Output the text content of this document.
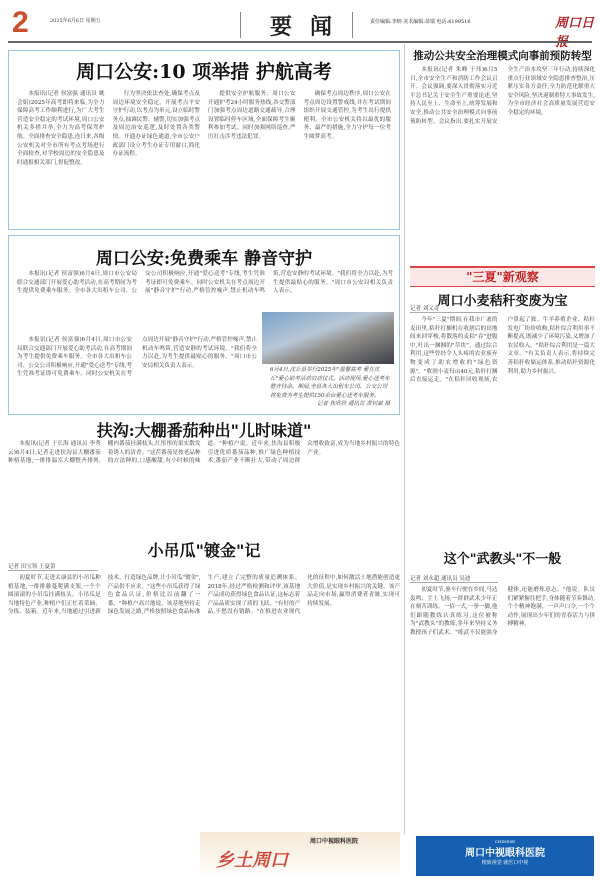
2	2025年6月6日 星期五	要闻	责任编辑:李纳 美术编辑:苗瑞 电话:6199516	周口日
周口公安:10 项举措 护航高考
本报讯(记者 侯富强 通讯员 姚会娟)2025年高考即将来临,为全力保障高考工作顺利进行,为广大考生营造安全稳定的考试环境,周口公安机关多措并举,全力为高考保驾护航。全面排查安全隐患,连日来,各级公安机关对全市所有考点考场进行全面检查,对学校周边的安全隐患及时通报相关部门,督促整改。
行为坚决依法查处,确保考点及周边环境安全稳定。开展考点平安守护行动,以考点为单元,设立临时警务点,抽调民警、辅警,切实加强考点及周边治安巡逻,及时处置各类警情。开通办证绿色通道,全市公安户政部门设立考生办证专用窗口,简化办证流程。
提供安全护航服务。周口公安开通护考24小时服务热线,各交警部门加强考点周边道路交通疏导,合理设置临时停车区域,全面保障考生顺利参加考试。同时加强网络巡查,严厉打击涉考违法犯罪。
确保考点周边秩序,周口公安在考点周边设置警戒线,并在考试期间组织开展交通管控,为考生出行提供便利。全市公安机关将以最优的服务、最严的措施,全力守护每一位考生圆梦高考。
周口公安:免费乘车 静音守护
本报讯(记者 侯富强)6月4日,周口市公安局联合交通部门开展爱心助考活动,在高考期间为考生提供免费乘车服务。全市各大出租车公司、公交公司积极响应,开通"爱心送考"专线,考生凭准考证即可免费乘车。同时公安机关在考点周边开展"静音守护"行动,严格管控噪声,禁止机动车鸣笛,营造安静的考试环境。"我们将全力以赴,为考生提供最贴心的服务。"周口市公安局相关负责人表示。
本报讯(记者 侯富强)6月4日,周口市公安局联合交通部门开展爱心助考活动,在高考期间为考生提供免费乘车服务。全市各大出租车公司、公交公司积极响应,开通"爱心送考"专线,考生凭准考证即可免费乘车。同时公安机关在考点周边开展"静音守护"行动,严格管控噪声,禁止机动车鸣笛,营造安静的考试环境。"我们将全力以赴,为考生提供最贴心的服务。"周口市公安局相关负责人表示。
6月4日,沈丘县举行2025年"温馨高考 爱在沈丘"爱心助考活动启动仪式。活动现场,爱心送考车整齐待命。期间,全县各大出租车公司、公交公司将免费为考生提供150余台爱心送考车服务。
记者 焦欣欣 通讯员 黄钊斌 摄
扶沟:大棚番茄种出"儿时味道"
本报讯(记者 于长海 通讯员 李秀云)6月4日,记者走进扶沟县大棚番茄种植基地,一排排温室大棚整齐排列,棚内番茄挂满枝头,红彤彤的果实散发着诱人的清香。"这茬番茄是按老品种的方法种的,口感酸甜,有小时候的味道。"种植户说。近年来,扶沟县积极引进优质番茄品种,推广绿色种植技术,番茄产业不断壮大,带动了周边群众增收致富,成为当地乡村振兴的特色产业。
小吊瓜"镀金"记
记者 田宝领 王夏蕾
初夏时节,走进太康县的小吊瓜种植基地,一排排藤蔓爬满支架,一个个圆滚滚的小吊瓜挂满枝头。小吊瓜是当地特色产业,种植户们正忙着采摘、分拣、装箱。近年来,当地通过引进新技术、打造绿色品牌,让小吊瓜"镀金",产品供不应求。"这些小吊瓜获得了绿色食品认证,价格比以前翻了一番。"种植户高兴地说。该基地坚持走绿色发展之路,严格按照绿色食品标准生产,建立了完整的质量追溯体系。2018年,经过严格检测和评审,该基地产品成功获得绿色食品认证,这标志着产品品质实现了质的飞跃。"有好的产品,不愁没有销路。"在推进农业现代化的征程中,如何激活土地潜能创造更大价值,是实现乡村振兴的关键。该产品走向市场,赢得消费者青睐,实现可持续发展。
乡土周口
周口中视眼科医院
推动公共安全治理模式向事前预防转型
本报讯(记者 朱峰 于伟)6月5日,全市安全生产和消防工作会议召开。会议强调,要深入贯彻落实习近平总书记关于安全生产重要论述,坚持人民至上、生命至上,统筹发展和安全,推动公共安全治理模式向事前预防转型。会议指出,要扎实开展安全生产治本攻坚三年行动,持续深化重点行业领域安全隐患排查整治,压紧压实各方责任,全力防范化解重大安全风险,坚决遏制重特大事故发生,为全市经济社会高质量发展营造安全稳定的环境。
"三夏"新观察
周口小麦秸秆变废为宝
记者 刘义奇
今年"三夏"期间,在我市广袤的麦田里,秸秆打捆机在收割后的田地间来回穿梭,将散落的麦秸"吞"进腹中,吐出一捆捆的"草块"。通过综合利用,这些曾经令人头疼的农业废弃物变成了助农增收的"绿色资源"。"收割小麦每亩40元,秸秆打捆后直接运走。"在秸秆回收现场,农户算起了账。牛羊养殖企业、秸秆发电厂纷纷收购,秸秆综合利用率不断提高,既减少了环境污染,又增加了农民收入。"秸秆综合利用是一篇大文章。"有关负责人表示,将持续完善秸秆收储运体系,推动秸秆资源化利用,助力乡村振兴。
这个"武教头"不一般
记者 刘永超 通讯员 吴迪
初夏时节,驱车行驶在乡间,马达轰鸣、尘土飞扬,一群群武术少年正在刻苦训练。一招一式,一拳一脚,他们跟随教练认真练习,这位被称为"武教头"的教练,多年来坚持义务教授孩子们武术。"练武不仅能强身健体,还能磨炼意志。"他说。队员们紧紧握住把手,身体随着节奏舞动,个个精神饱满。一声声口令,一个个动作,展现出少年们的青春活力与拼搏精神。
CHINESE
周口中视眼科医院
精致视觉 就医口中视
